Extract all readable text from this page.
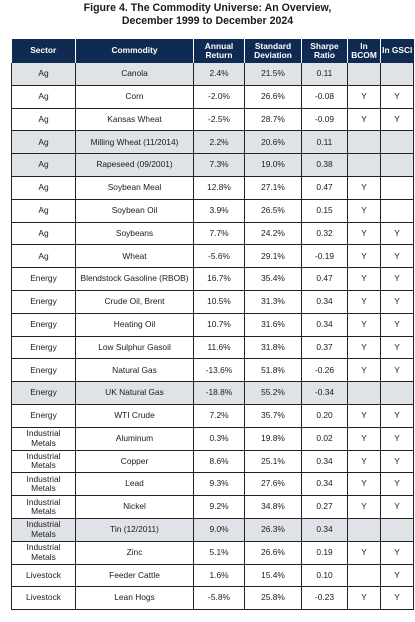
Figure 4. The Commodity Universe: An Overview,
December 1999 to December 2024
Sector	Commodity	Annual Return	Standard Deviation	Sharpe Ratio	In BCOM	In GSCI
Ag	Canola	2.4%	21.5%	0.11		
Ag	Corn	-2.0%	26.6%	-0.08	Y	Y
Ag	Kansas Wheat	-2.5%	28.7%	-0.09	Y	Y
Ag	Milling Wheat (11/2014)	2.2%	20.6%	0.11		
Ag	Rapeseed (09/2001)	7.3%	19.0%	0.38		
Ag	Soybean Meal	12.8%	27.1%	0.47	Y	
Ag	Soybean Oil	3.9%	26.5%	0.15	Y	
Ag	Soybeans	7.7%	24.2%	0.32	Y	Y
Ag	Wheat	-5.6%	29.1%	-0.19	Y	Y
Energy	Blendstock Gasoline (RBOB)	16.7%	35.4%	0.47	Y	Y
Energy	Crude Oil, Brent	10.5%	31.3%	0.34	Y	Y
Energy	Heating Oil	10.7%	31.6%	0.34	Y	Y
Energy	Low Sulphur Gasoil	11.6%	31.8%	0.37	Y	Y
Energy	Natural Gas	-13.6%	51.8%	-0.26	Y	Y
Energy	UK Natural Gas	-18.8%	55.2%	-0.34		
Energy	WTI Crude	7.2%	35.7%	0.20	Y	Y
Industrial Metals	Aluminum	0.3%	19.8%	0.02	Y	Y
Industrial Metals	Copper	8.6%	25.1%	0.34	Y	Y
Industrial Metals	Lead	9.3%	27.6%	0.34	Y	Y
Industrial Metals	Nickel	9.2%	34.8%	0.27	Y	Y
Industrial Metals	Tin (12/2011)	9.0%	26.3%	0.34		
Industrial Metals	Zinc	5.1%	26.6%	0.19	Y	Y
Livestock	Feeder Cattle	1.6%	15.4%	0.10		Y
Livestock	Lean Hogs	-5.8%	25.8%	-0.23	Y	Y
